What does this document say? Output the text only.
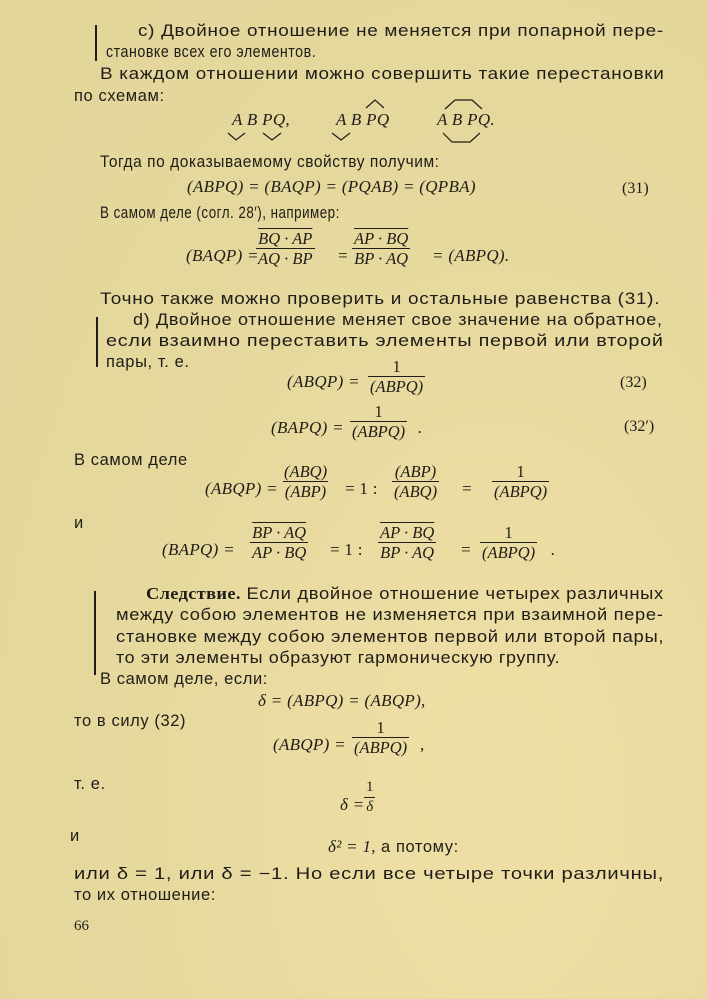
c) Двойное отношение не меняется при попарной пере-
становке всех его элементов.
В каждом отношении можно совершить такие перестановки
по схемам:
A B PQ,	A B PQ	A B PQ.
Тогда по доказываемому свойству получим:
(ABPQ) = (BAQP) = (PQAB) = (QPBA)	(31)
В самом деле (согл. 28′), например:
(BAQP) =
$\frac{BQ \cdot AP}{AQ \cdot BP} = \frac{AP \cdot BQ}{BP \cdot AQ}$ = (ABPQ).
Точно также можно проверить и остальные равенства (31).
d) Двойное отношение меняет свое значение на обратное,
если взаимно переставить элементы первой или второй
пары, т. е.
(ABQP) =
1
(ABPQ)	(32)
(BAPQ) =
1
(ABPQ) .	(32′)
В самом деле
(ABQP) =
(ABQ)
(ABP) = 1 :
(ABP)
(ABQ) =
1
(ABPQ)
и
(BAPQ) = $\frac{BP \cdot AQ}{AP \cdot BQ} = 1$ : $\frac{AP \cdot BQ}{BP \cdot AQ}$ =
1
(ABPQ) .
Следствие. Если двойное отношение четырех различных
между собою элементов не изменяется при взаимной пере-
становке между собою элементов первой или второй пары,
то эти элементы образуют гармоническую группу.
В самом деле, если:
δ = (ABPQ) = (ABQP),
то в силу (32)
(ABQP) =
1
(ABPQ) ,
т. е.
$\delta = \frac{1}{\delta}$
и
δ² = 1, а потому:
или δ = 1, или δ = −1. Но если все четыре точки различны,
то их отношение:
66
